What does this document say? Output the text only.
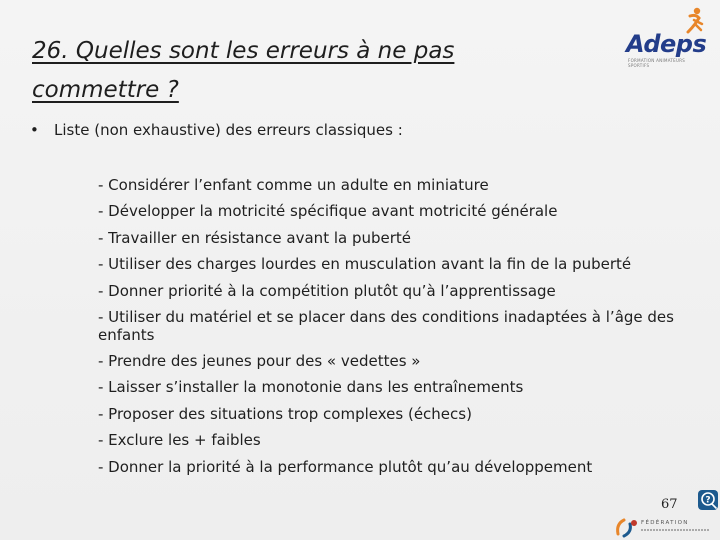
26. Quelles sont les erreurs à ne pas
commettre ?
Adeps
FORMATION ANIMATEURS SPORTIFS
• Liste (non exhaustive) des erreurs classiques :
- Considérer l’enfant comme un adulte en miniature
- Développer la motricité spécifique avant motricité générale
- Travailler en résistance avant la puberté
- Utiliser des charges lourdes en musculation avant la fin de la puberté
- Donner priorité à la compétition plutôt qu’à l’apprentissage
- Utiliser du matériel et se placer dans des conditions inadaptées à l’âge des enfants
- Prendre des jeunes pour des « vedettes »
- Laisser s’installer la monotonie dans les entraînements
- Proposer des situations trop complexes (échecs)
- Exclure les + faibles
- Donner la priorité à la performance plutôt qu’au développement
67	?
FÉDÉRATION
